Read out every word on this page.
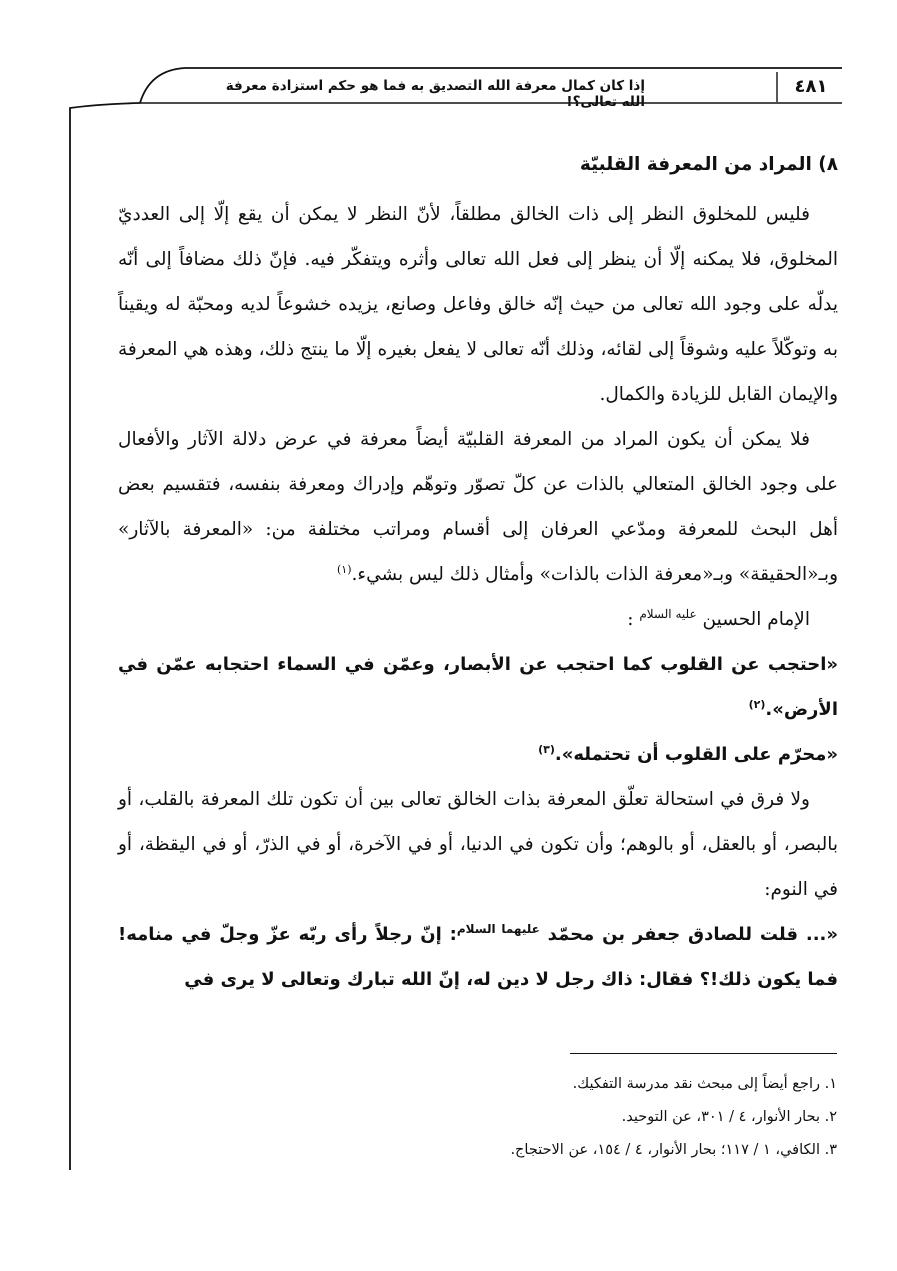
إذا كان كمال معرفة الله التصديق به فما هو حكم استزادة معرفة الله تعالى؟!
٤٨١
٨) المراد من المعرفة القلبيّة

فليس للمخلوق النظر إلى ذات الخالق مطلقاً، لأنّ النظر لا يمكن أن يقع إلّا إلى العدديّ المخلوق، فلا يمكنه إلّا أن ينظر إلى فعل الله تعالى وأثره ويتفكّر فيه. فإنّ ذلك مضافاً إلى أنّه يدلّه على وجود الله تعالى من حيث إنّه خالق وفاعل وصانع، يزيده خشوعاً لديه ومحبّة له ويقيناً به وتوكّلاً عليه وشوقاً إلى لقائه، وذلك أنّه تعالى لا يفعل بغيره إلّا ما ينتج ذلك، وهذه هي المعرفة والإيمان القابل للزيادة والكمال.

فلا يمكن أن يكون المراد من المعرفة القلبيّة أيضاً معرفة في عرض دلالة الآثار والأفعال على وجود الخالق المتعالي بالذات عن كلّ تصوّر وتوهّم وإدراك ومعرفة بنفسه، فتقسيم بعض أهل البحث للمعرفة ومدّعي العرفان إلى أقسام ومراتب مختلفة من: «المعرفة بالآثار» وبـ«الحقيقة» وبـ«معرفة الذات بالذات» وأمثال ذلك ليس بشيء.$^{(١)}$

الإمام الحسين $^{عليه السلام}$ :

«احتجب عن القلوب كما احتجب عن الأبصار، وعمّن في السماء احتجابه عمّن في الأرض».$^{(٢)}$

«محرّم على القلوب أن تحتمله».$^{(٣)}$

ولا فرق في استحالة تعلّق المعرفة بذات الخالق تعالى بين أن تكون تلك المعرفة بالقلب، أو بالبصر، أو بالعقل، أو بالوهم؛ وأن تكون في الدنيا، أو في الآخرة، أو في الذرّ، أو في اليقظة، أو في النوم:

«... قلت للصادق جعفر بن محمّد $^{عليهما السلام}$: إنّ رجلاً رأى ربّه عزّ وجلّ في منامه! فما يكون ذلك!؟ فقال: ذاك رجل لا دين له، إنّ الله تبارك وتعالى لا يرى في

١. راجع أيضاً إلى مبحث نقد مدرسة التفكيك.

٢. بحار الأنوار، ٤ / ٣٠١، عن التوحيد.

٣. الكافي، ١ / ١١٧؛ بحار الأنوار، ٤ / ١٥٤، عن الاحتجاج.
